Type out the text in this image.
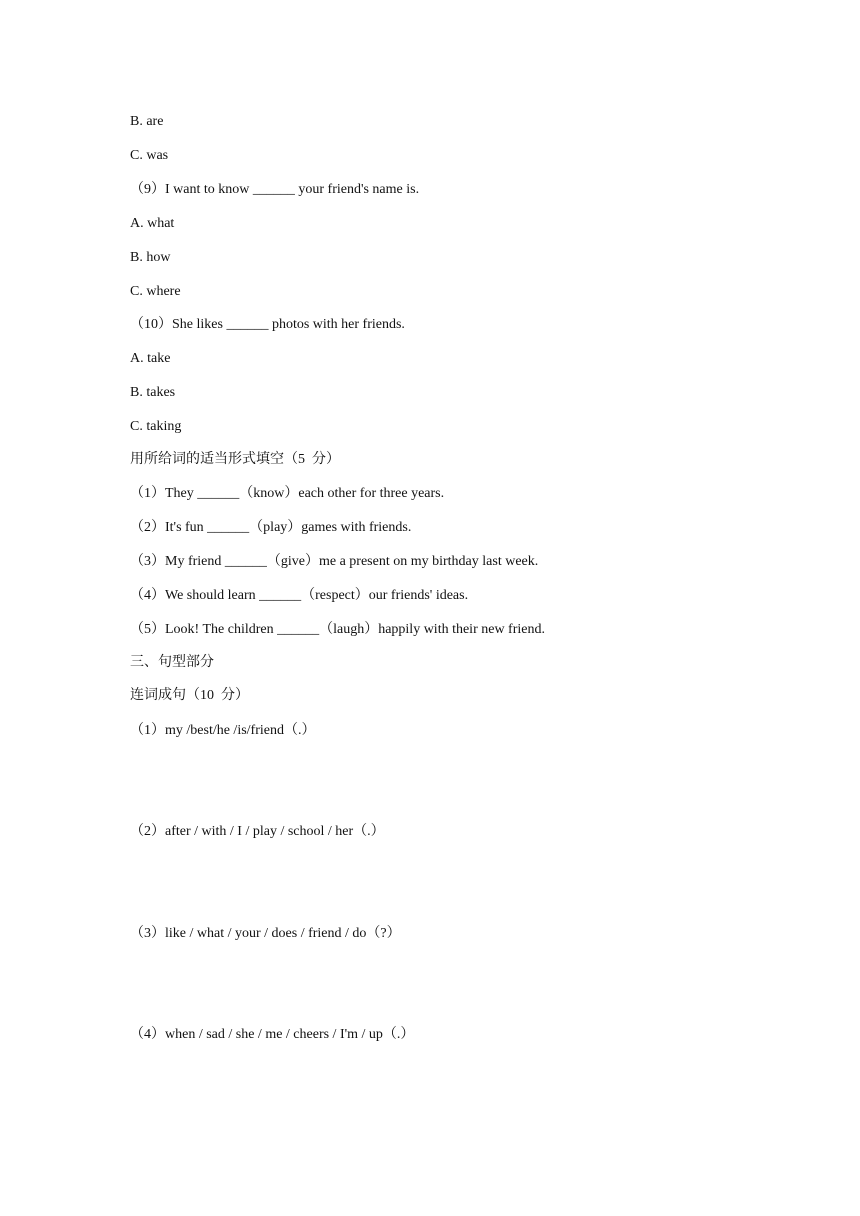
B. are
C. was
（9）I want to know ______ your friend's name is.
A. what
B. how
C. where
（10）She likes ______ photos with her friends.
A. take
B. takes
C. taking
用所给词的适当形式填空（5  分）
（1）They ______（know）each other for three years.
（2）It's fun ______（play）games with friends.
（3）My friend ______（give）me a present on my birthday last week.
（4）We should learn ______（respect）our friends' ideas.
（5）Look! The children ______（laugh）happily with their new friend.
三、句型部分
连词成句（10  分）
（1）my /best/he /is/friend（.）
（2）after / with / I / play / school / her（.）
（3）like / what / your / does / friend / do（?）
（4）when / sad / she / me / cheers / I'm / up（.）
